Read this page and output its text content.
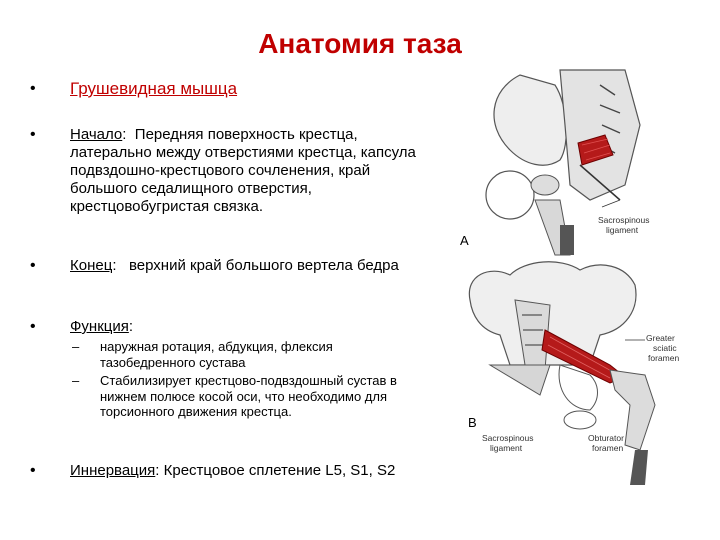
Анатомия таза
• Грушевидная мышца
• Начало:  Передняя поверхность крестца, латерально между отверстиями крестца, капсула подвздошно-крестцового сочленения, край большого седалищного отверстия, крестцовобугристая связка.
• Конец:   верхний край большого вертела бедра
• Функция:
– наружная ротация, абдукция, флексия тазобедренного сустава
– Стабилизирует крестцово-подвздошный сустав в нижнем полюсе косой оси, что необходимо для торсионного движения крестца.
• Иннервация: Крестцовое сплетение L5, S1, S2
A
Sacrospinous
ligament
B
Greater
sciatic
foramen
Sacrospinous
ligament
Obturator
foramen
